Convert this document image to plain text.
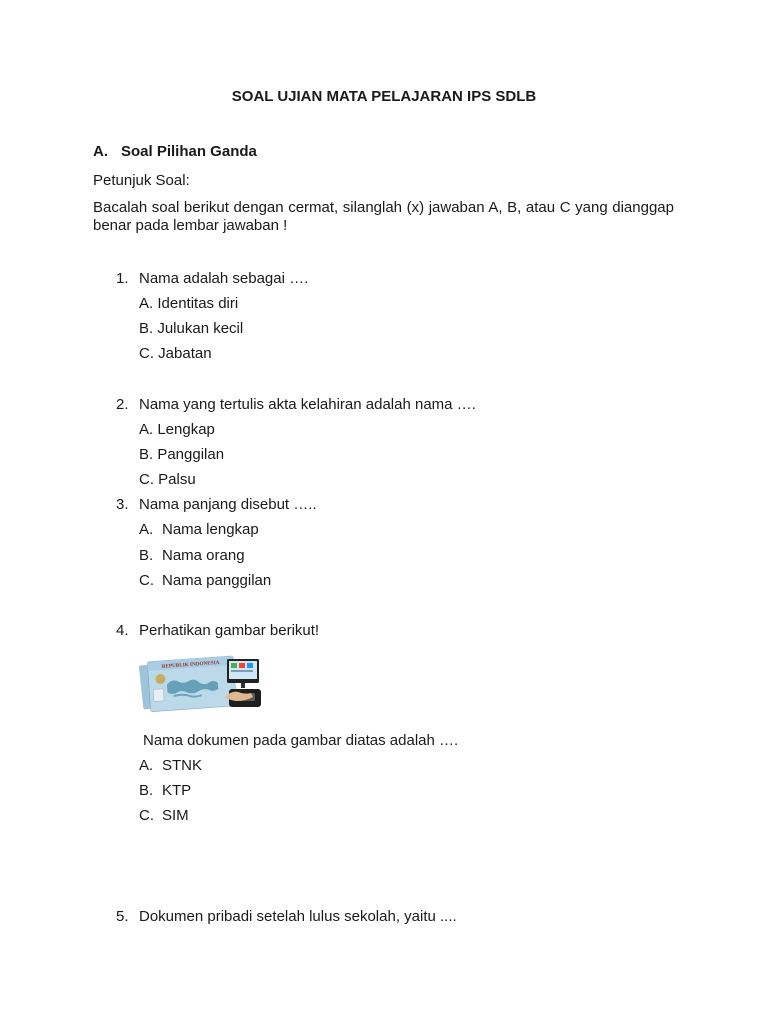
SOAL UJIAN MATA PELAJARAN IPS SDLB
A. Soal Pilihan Ganda
Petunjuk Soal:
Bacalah soal berikut dengan cermat, silanglah (x) jawaban A, B, atau C yang dianggap benar pada lembar jawaban !
1. Nama adalah sebagai ….
A. Identitas diri
B. Julukan kecil
C. Jabatan
2. Nama yang tertulis akta kelahiran adalah nama ….
A. Lengkap
B. Panggilan
C. Palsu
3. Nama panjang disebut …..
A. Nama lengkap
B. Nama orang
C. Nama panggilan
4. Perhatikan gambar berikut!
REPUBLIK INDONESIA
Nama dokumen pada gambar diatas adalah ….
A. STNK
B. KTP
C. SIM
5. Dokumen pribadi setelah lulus sekolah, yaitu ....
